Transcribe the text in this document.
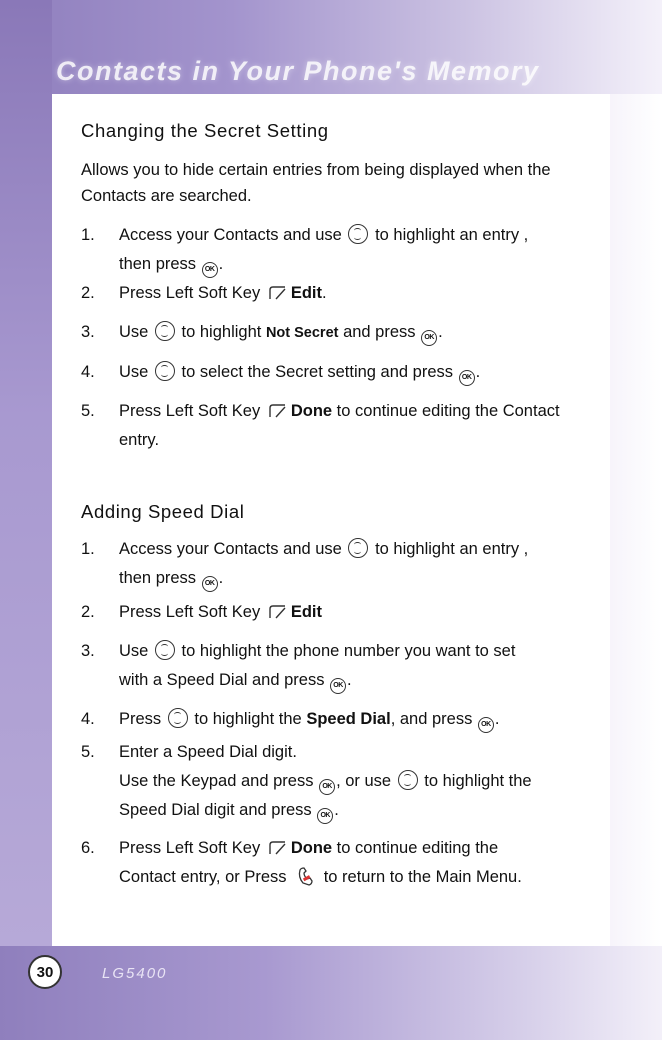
Contacts in Your Phone's Memory
Changing the Secret Setting
Allows you to hide certain entries from being displayed when the Contacts are searched.
1. Access your Contacts and use to highlight an entry ,
then press OK .
2. Press Left Soft Key Edit.
3. Use to highlight Not Secret and press OK .
4. Use to select the Secret setting and press OK .
5. Press Left Soft Key Done to continue editing the Contact
entry.
Adding Speed Dial
1. Access your Contacts and use to highlight an entry ,
then press OK .
2. Press Left Soft Key Edit
3. Use to highlight the phone number you want to set
with a Speed Dial and press OK .
4. Press to highlight the Speed Dial, and press OK .
5. Enter a Speed Dial digit.
Use the Keypad and press OK , or use to highlight the
Speed Dial digit and press OK .
6. Press Left Soft Key Done to continue editing the
Contact entry, or Press to return to the Main Menu.
30	LG5400
